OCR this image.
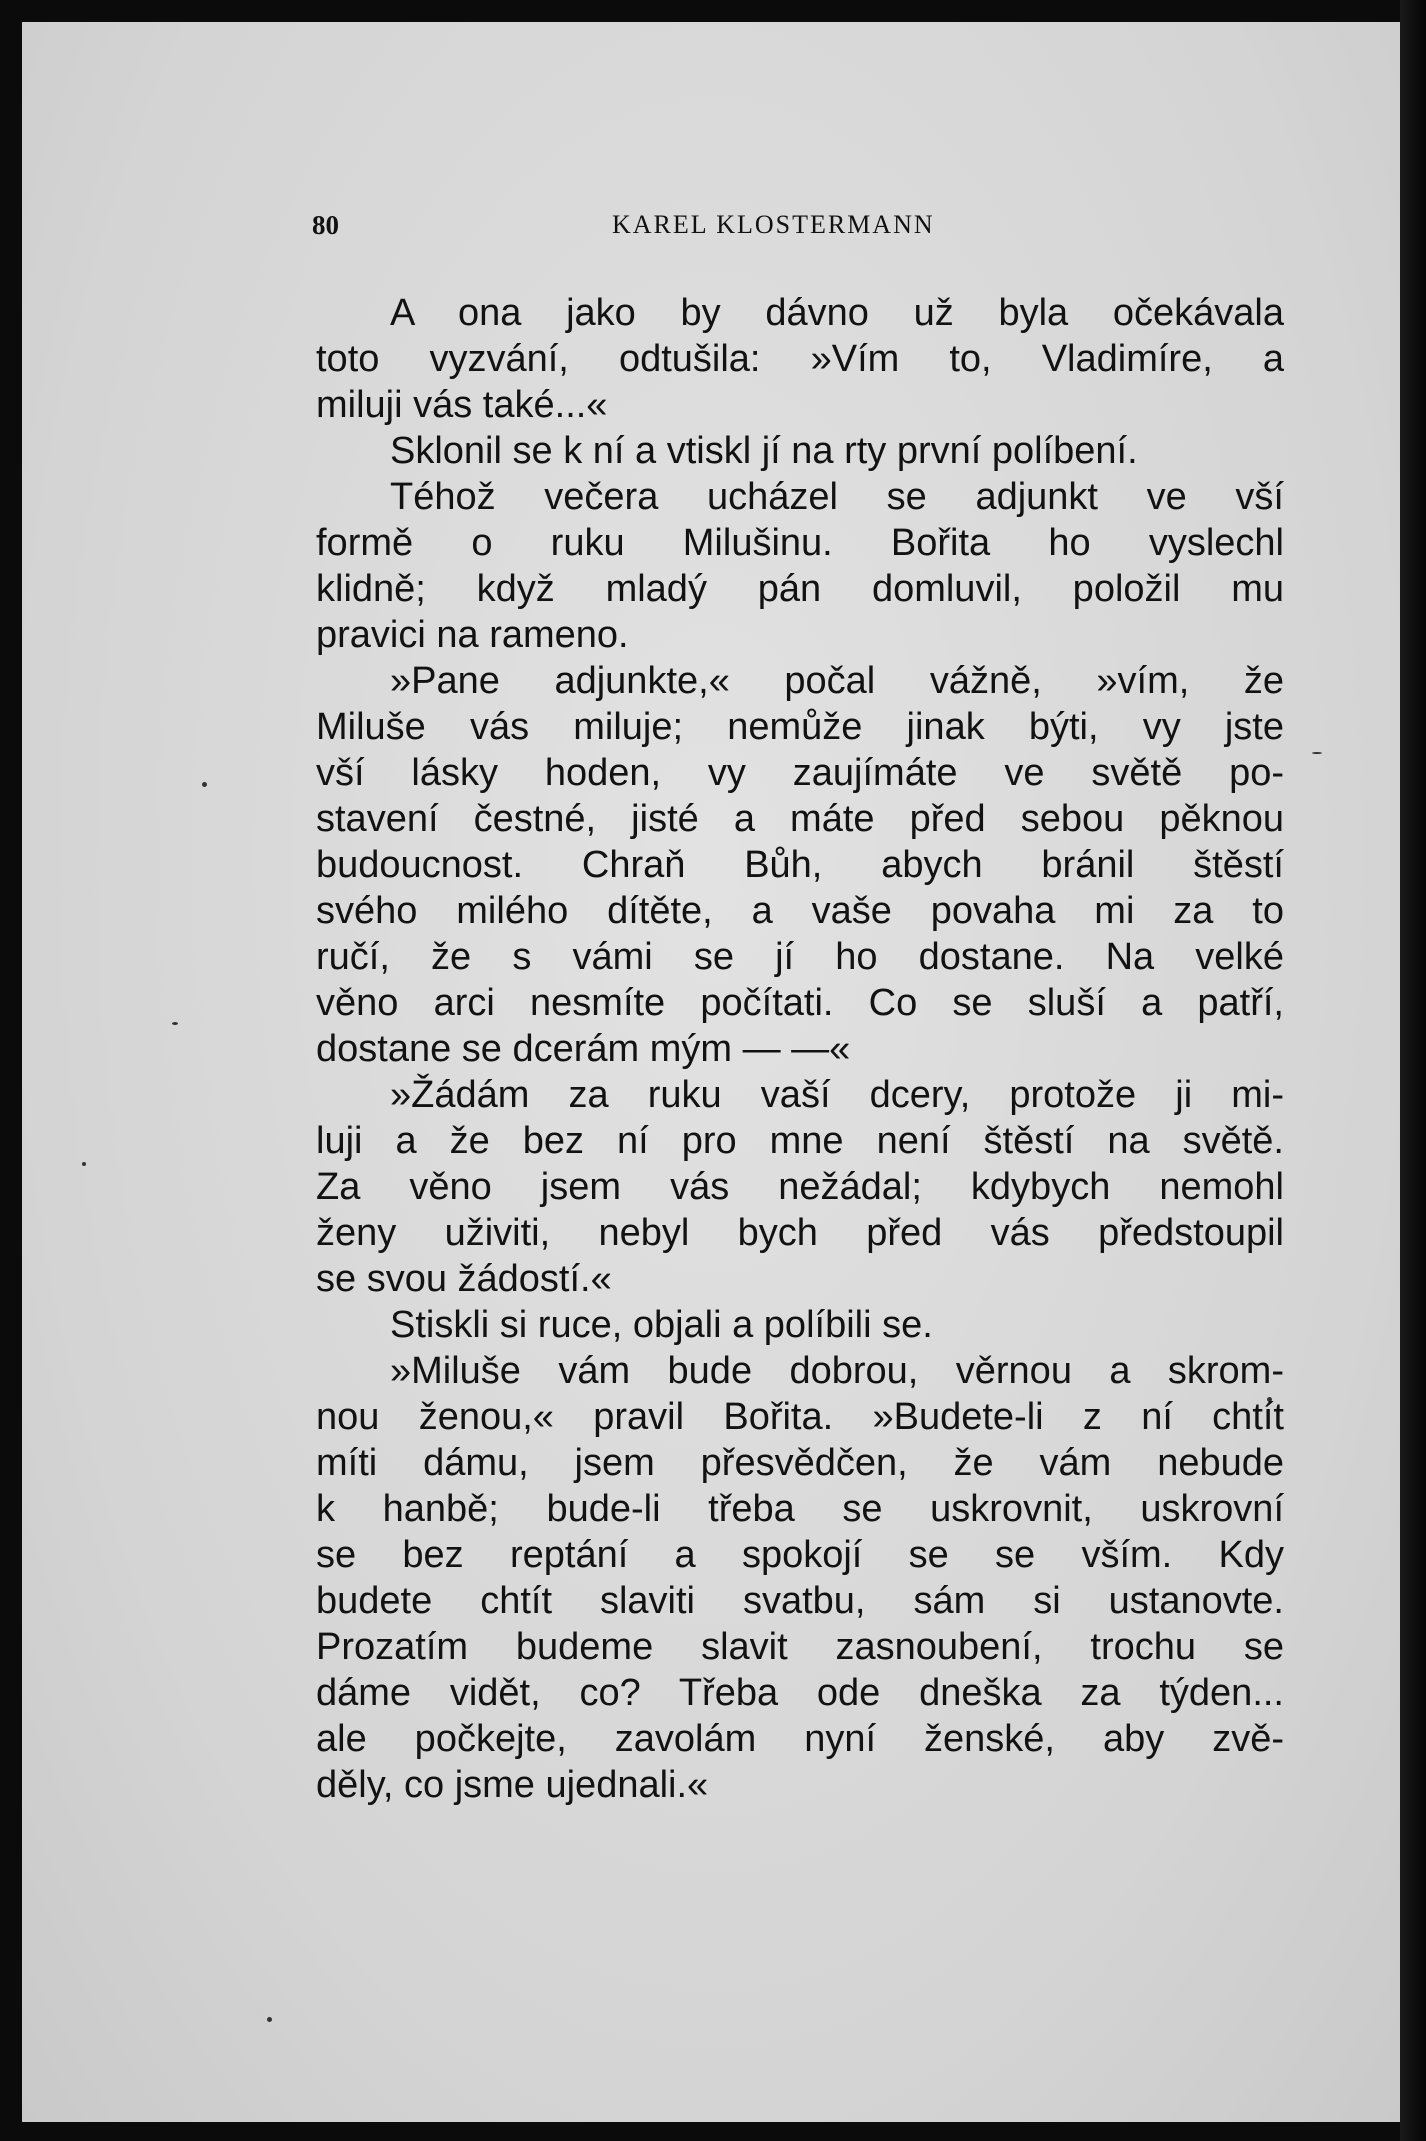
80	KAREL KLOSTERMANN
A ona jako by dávno už byla očekávala
toto vyzvání, odtušila: »Vím to, Vladimíre, a
miluji vás také...«
Sklonil se k ní a vtiskl jí na rty první políbení.
Téhož večera ucházel se adjunkt ve vší
formě o ruku Milušinu. Bořita ho vyslechl
klidně; když mladý pán domluvil, položil mu
pravici na rameno.
»Pane adjunkte,« počal vážně, »vím, že
Miluše vás miluje; nemůže jinak býti, vy jste
vší lásky hoden, vy zaujímáte ve světě po-
stavení čestné, jisté a máte před sebou pěknou
budoucnost. Chraň Bůh, abych bránil štěstí
svého milého dítěte, a vaše povaha mi za to
ručí, že s vámi se jí ho dostane. Na velké
věno arci nesmíte počítati. Co se sluší a patří,
dostane se dcerám mým — —«
»Žádám za ruku vaší dcery, protože ji mi-
luji a že bez ní pro mne není štěstí na světě.
Za věno jsem vás nežádal; kdybych nemohl
ženy uživiti, nebyl bych před vás předstoupil
se svou žádostí.«
Stiskli si ruce, objali a políbili se.
»Miluše vám bude dobrou, věrnou a skrom-
nou ženou,« pravil Bořita. »Budete-li z ní chtít
míti dámu, jsem přesvědčen, že vám nebude
k hanbě; bude-li třeba se uskrovnit, uskrovní
se bez reptání a spokojí se se vším. Kdy
budete chtít slaviti svatbu, sám si ustanovte.
Prozatím budeme slavit zasnoubení, trochu se
dáme vidět, co? Třeba ode dneška za týden...
ale počkejte, zavolám nyní ženské, aby zvě-
děly, co jsme ujednali.«
